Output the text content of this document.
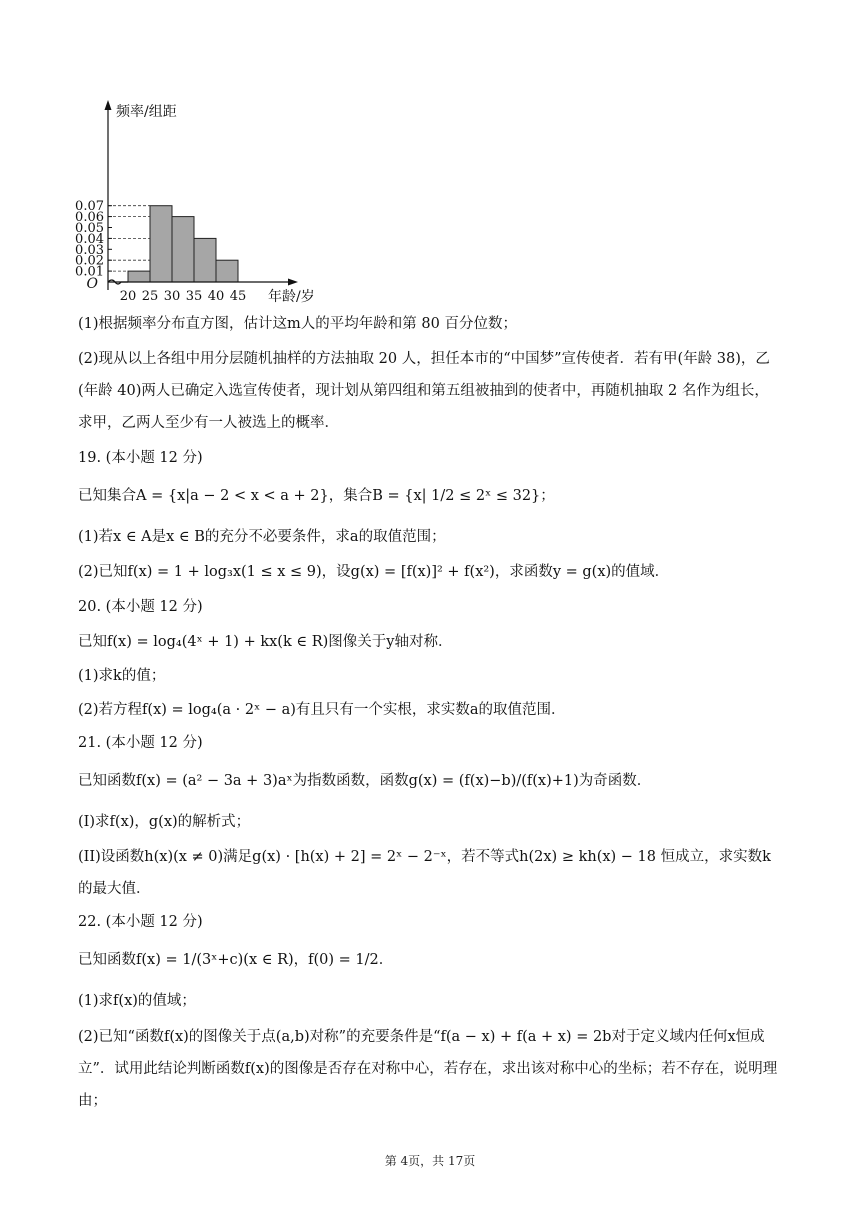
0.01
0.02
0.03
0.04
0.05
0.06
0.07
20 25 30 35 40 45
O
频率/组距
年龄/岁
(1)根据频率分布直方图，估计这m人的平均年龄和第 80 百分位数；
(2)现从以上各组中用分层随机抽样的方法抽取 20 人，担任本市的“中国梦”宣传使者．若有甲(年龄 38)，乙(年龄 40)两人已确定入选宣传使者，现计划从第四组和第五组被抽到的使者中，再随机抽取 2 名作为组长，求甲，乙两人至少有一人被选上的概率．
19. (本小题 12 分)
已知集合A = {x|a − 2 < x < a + 2}，集合B = {x| 1/2 ≤ 2ˣ ≤ 32}；
(1)若x ∈ A是x ∈ B的充分不必要条件，求a的取值范围；
(2)已知f(x) = 1 + log₃x(1 ≤ x ≤ 9)，设g(x) = [f(x)]² + f(x²)，求函数y = g(x)的值域．
20. (本小题 12 分)
已知f(x) = log₄(4ˣ + 1) + kx(k ∈ R)图像关于y轴对称．
(1)求k的值；
(2)若方程f(x) = log₄(a · 2ˣ − a)有且只有一个实根，求实数a的取值范围．
21. (本小题 12 分)
已知函数f(x) = (a² − 3a + 3)aˣ为指数函数，函数g(x) = (f(x)−b)/(f(x)+1)为奇函数．
(I)求f(x)，g(x)的解析式；
(II)设函数h(x)(x ≠ 0)满足g(x) · [h(x) + 2] = 2ˣ − 2⁻ˣ，若不等式h(2x) ≥ kh(x) − 18 恒成立，求实数k的最大值．
22. (本小题 12 分)
已知函数f(x) = 1/(3ˣ+c)(x ∈ R)，f(0) = 1/2．
(1)求f(x)的值域；
(2)已知“函数f(x)的图像关于点(a,b)对称”的充要条件是“f(a − x) + f(a + x) = 2b对于定义域内任何x恒成立”．试用此结论判断函数f(x)的图像是否存在对称中心，若存在，求出该对称中心的坐标；若不存在，说明理由；
第 4页，共 17页
